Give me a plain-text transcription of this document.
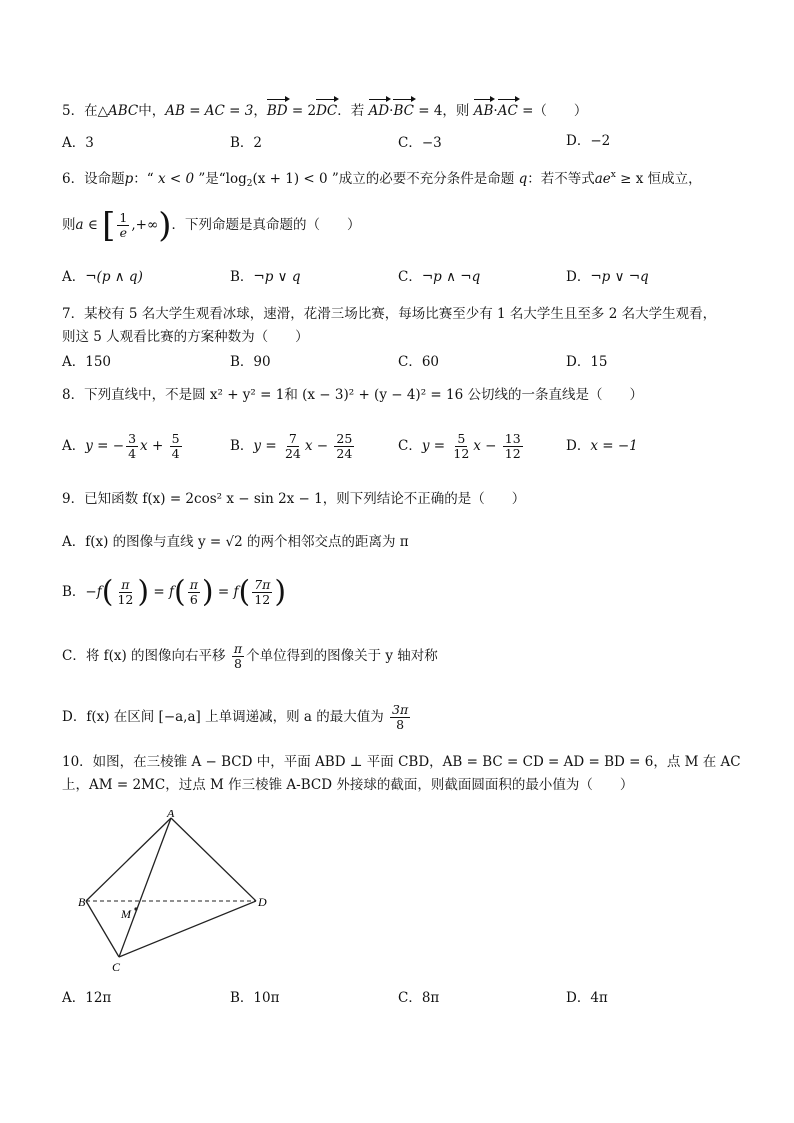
5．在△ABC中，AB = AC = 3，BD = 2DC．若 AD·BC = 4，则 AB·AC =（　　）
A．3	B．2	C．−3	D．−2
6．设命题p：“ x < 0 ”是“$\log_2(x + 1) < 0$ ”成立的必要不充分条件是命题 q：若不等式$ae^x \ge x$ 恒成立，
则a ∈ [ $\frac{1}{e}$ ,+∞)．下列命题是真命题的（　　）
A．¬(p ∧ q)	B．¬p ∨ q	C．¬p ∧ ¬q	D．¬p ∨ ¬q
7．某校有 5 名大学生观看冰球，速滑，花滑三场比赛，每场比赛至少有 1 名大学生且至多 2 名大学生观看，
则这 5 人观看比赛的方案种数为（　　）
A．150	B．90	C．60	D．15
8．下列直线中，不是圆 x² + y² = 1和 (x − 3)² + (y − 4)² = 16 公切线的一条直线是（　　）
A．y = − $\frac{3}{4}$ $x + \frac{5}{4}$	B．$y = \frac{7}{24}$ $x - \frac{25}{24}$	C．$y = \frac{5}{12}$ $x - \frac{13}{12}$	D．x = −1
9．已知函数 f(x) = 2cos² x − sin 2x − 1，则下列结论不正确的是（　　）
A．f(x) 的图像与直线 y = √2 的两个相邻交点的距离为 π
B．$-f( \frac{\pi}{12}$ ) = $f( \frac{\pi}{6}$ ) = $f( \frac{7\pi}{12}$ )
C．将 f(x) 的图像向右平移 $\frac{\pi}{8}$ 个单位得到的图像关于 y 轴对称
D．f(x) 在区间 [−a,a] 上单调递减，则 a 的最大值为 $\frac{3\pi}{8}$
10．如图，在三棱锥 A − BCD 中，平面 ABD ⊥ 平面 CBD，AB = BC = CD = AD = BD = 6，点 M 在 AC
上，AM = 2MC，过点 M 作三棱锥 A-BCD 外接球的截面，则截面圆面积的最小值为（　　）
A
B
C
D
M
A．12π	B．10π	C．8π	D．4π
